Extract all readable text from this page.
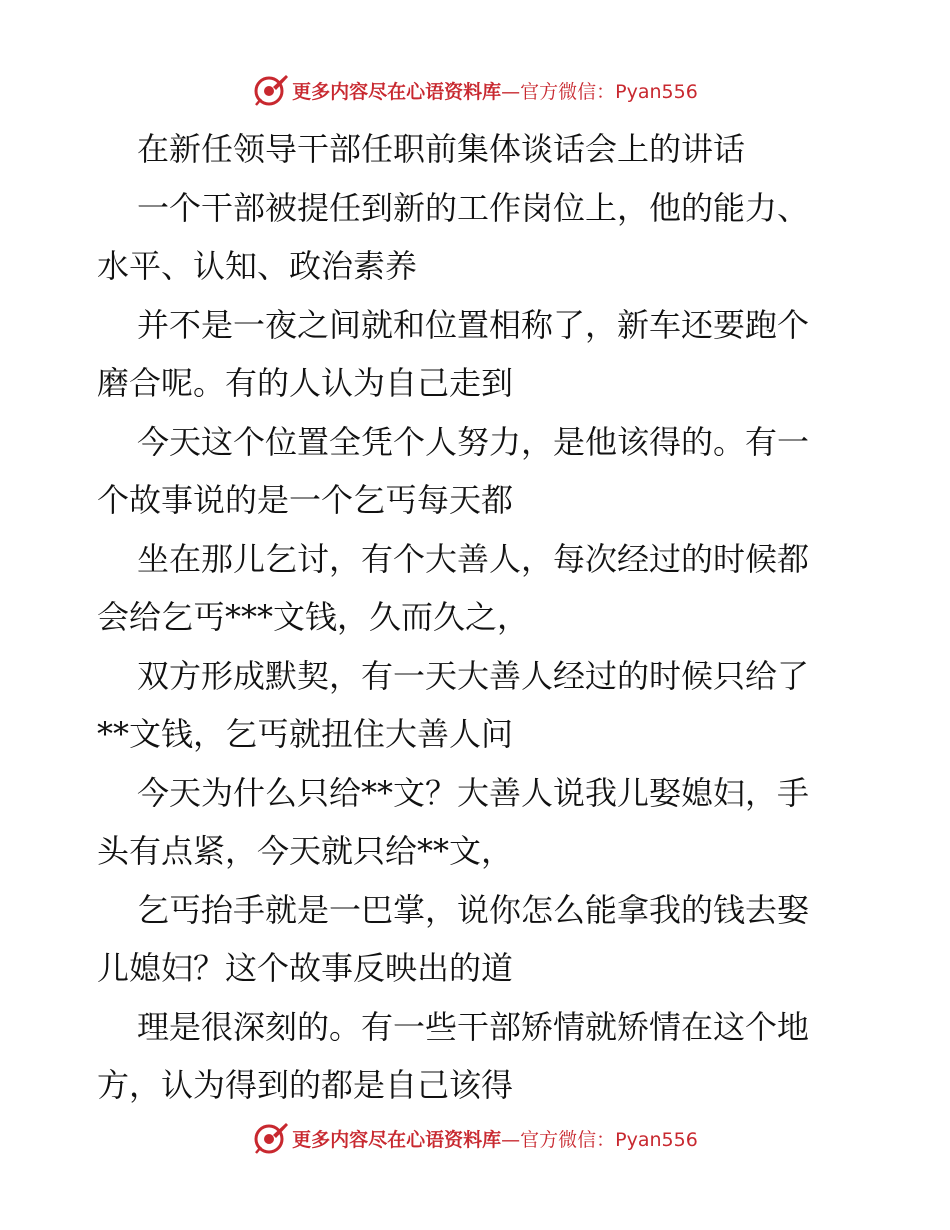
更多内容尽在心语资料库 —官方微信：Pyan556

在新任领导干部任职前集体谈话会上的讲话
一个干部被提任到新的工作岗位上，他的能力、
水平、认知、政治素养
并不是一夜之间就和位置相称了，新车还要跑个
磨合呢。有的人认为自己走到
今天这个位置全凭个人努力，是他该得的。有一
个故事说的是一个乞丐每天都
坐在那儿乞讨，有个大善人，每次经过的时候都
会给乞丐***文钱，久而久之，
双方形成默契，有一天大善人经过的时候只给了
**文钱，乞丐就扭住大善人问
今天为什么只给**文？大善人说我儿娶媳妇，手
头有点紧，今天就只给**文，
乞丐抬手就是一巴掌，说你怎么能拿我的钱去娶
儿媳妇？这个故事反映出的道
理是很深刻的。有一些干部矫情就矫情在这个地
方，认为得到的都是自己该得

更多内容尽在心语资料库 —官方微信：Pyan556
